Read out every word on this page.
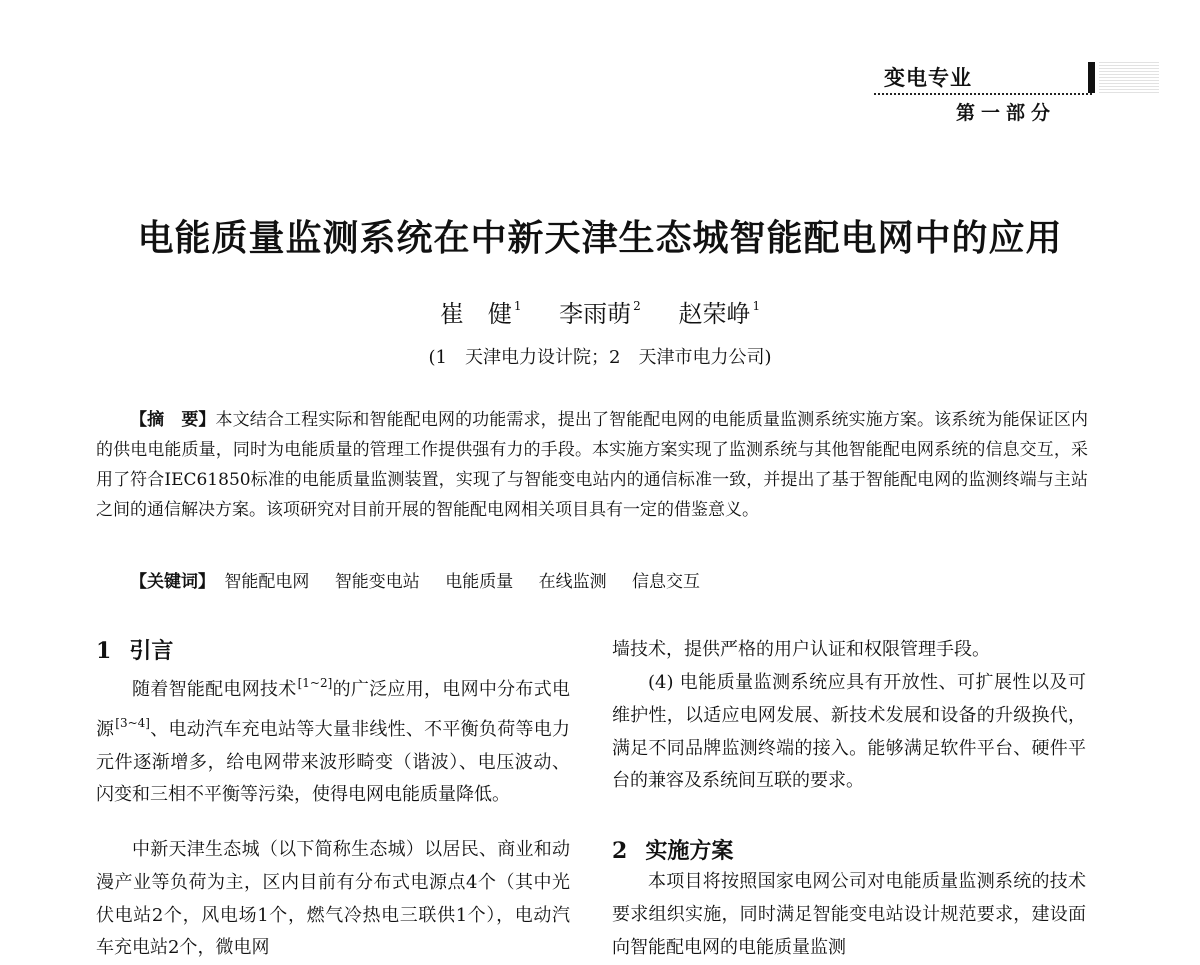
变电专业
第一部分
电能质量监测系统在中新天津生态城智能配电网中的应用
崔　健 $^1$ 李雨萌 $^2$ 赵荣峥 $^1$
(1　天津电力设计院；2　天津市电力公司)

【摘　要】本文结合工程实际和智能配电网的功能需求，提出了智能配电网的电能质量监测系统实施方案。该系统为能保证区内的供电电能质量，同时为电能质量的管理工作提供强有力的手段。本实施方案实现了监测系统与其他智能配电网系统的信息交互，采用了符合IEC61850标准的电能质量监测装置，实现了与智能变电站内的通信标准一致，并提出了基于智能配电网的监测终端与主站之间的通信解决方案。该项研究对目前开展的智能配电网相关项目具有一定的借鉴意义。

【关键词】 智能配电网 智能变电站 电能质量 在线监测 信息交互
1 引言

随着智能配电网技术[1~2]的广泛应用，电网中分布式电源[3~4]、电动汽车充电站等大量非线性、不平衡负荷等电力元件逐渐增多，给电网带来波形畸变（谐波）、电压波动、闪变和三相不平衡等污染，使得电网电能质量降低。

中新天津生态城（以下简称生态城）以居民、商业和动漫产业等负荷为主，区内目前有分布式电源点4个（其中光伏电站2个，风电场1个，燃气冷热电三联供1个），电动汽车充电站2个，微电网

墙技术，提供严格的用户认证和权限管理手段。

(4) 电能质量监测系统应具有开放性、可扩展性以及可维护性，以适应电网发展、新技术发展和设备的升级换代，满足不同品牌监测终端的接入。能够满足软件平台、硬件平台的兼容及系统间互联的要求。

2 实施方案

本项目将按照国家电网公司对电能质量监测系统的技术要求组织实施，同时满足智能变电站设计规范要求，建设面向智能配电网的电能质量监测
